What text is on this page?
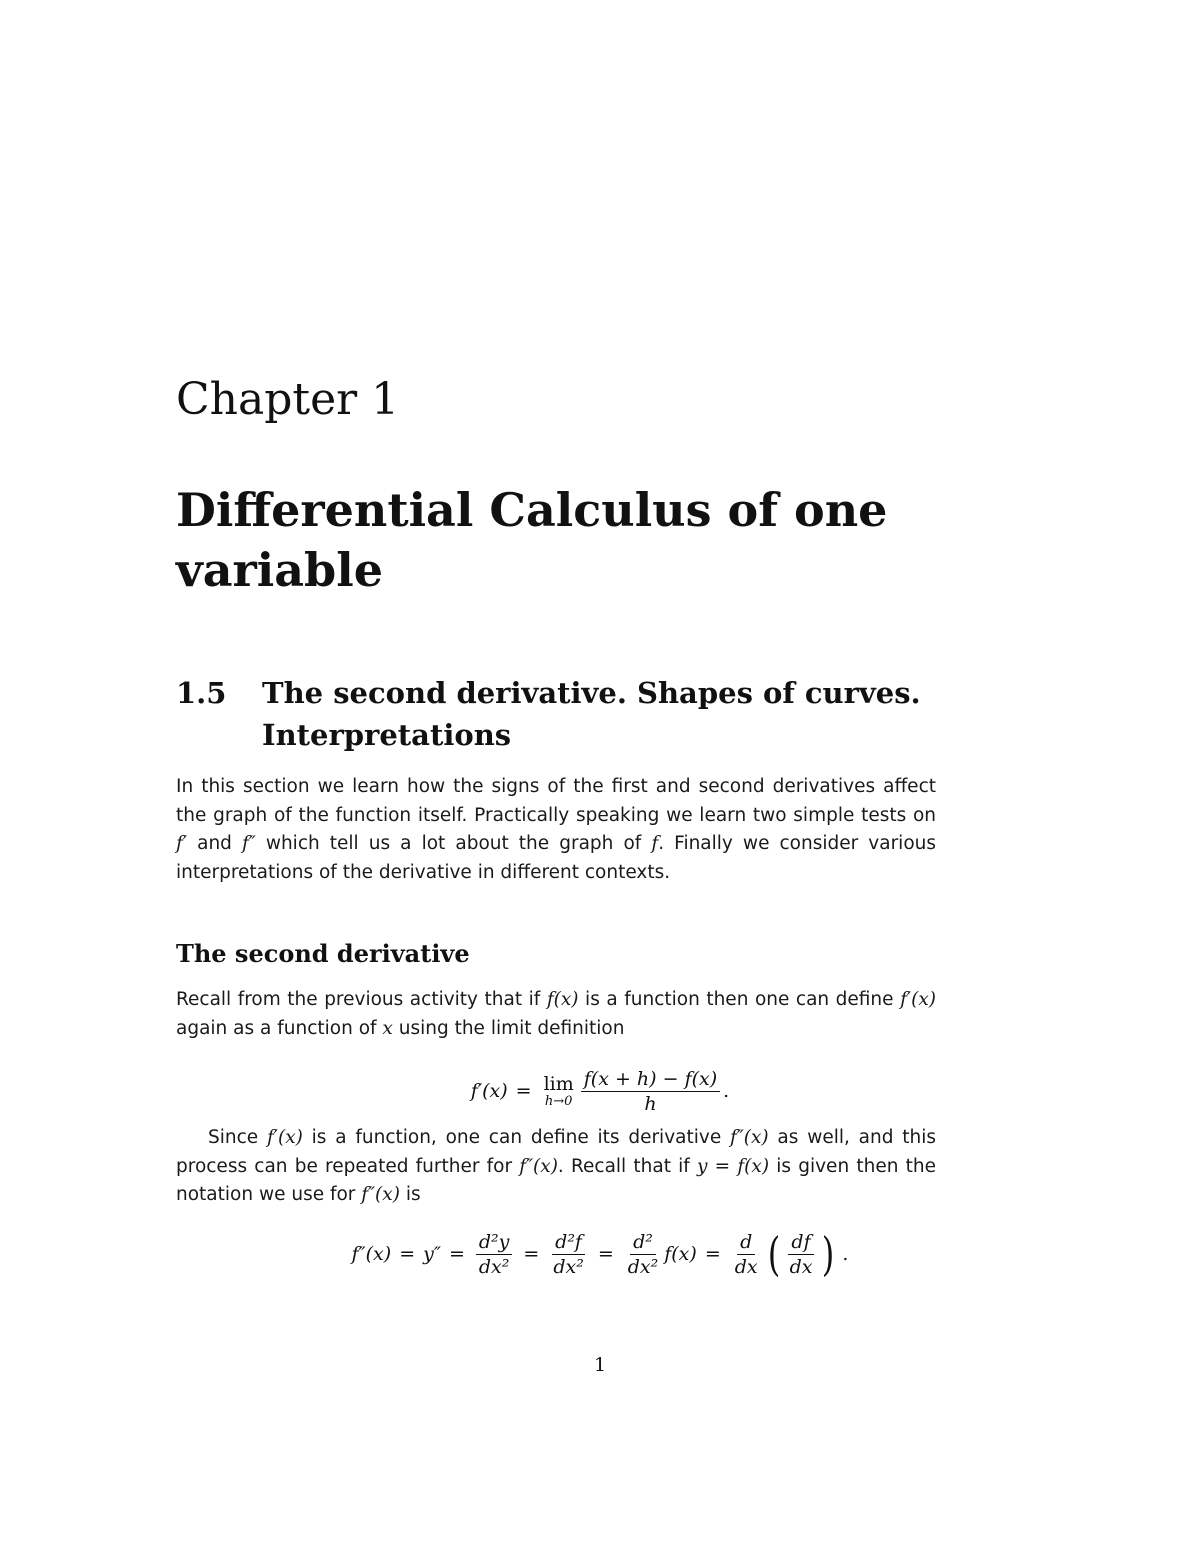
Chapter 1
Differential Calculus of one variable
1.5 The second derivative. Shapes of curves. Interpretations

In this section we learn how the signs of the first and second derivatives affect the graph of the function itself. Practically speaking we learn two simple tests on f′ and f″ which tell us a lot about the graph of f. Finally we consider various interpretations of the derivative in different contexts.

The second derivative

Recall from the previous activity that if f(x) is a function then one can define f′(x) again as a function of x using the limit definition

f′(x) = lim
$h\to 0 \frac{f(x + h) - f(x)}{h}$ .

Since f′(x) is a function, one can define its derivative f″(x) as well, and this process can be repeated further for f″(x). Recall that if y = f(x) is given then the notation we use for f″(x) is

$f''(x) = y'' = \frac{\text{d²y}}{\text{dx²}} = \frac{\text{d²f}}{\text{dx²}} = \frac{\text{d²}}{\text{dx²}} f(x) = \frac{d}{dx}$ ( $\frac{df}{dx}$ ) .

1
